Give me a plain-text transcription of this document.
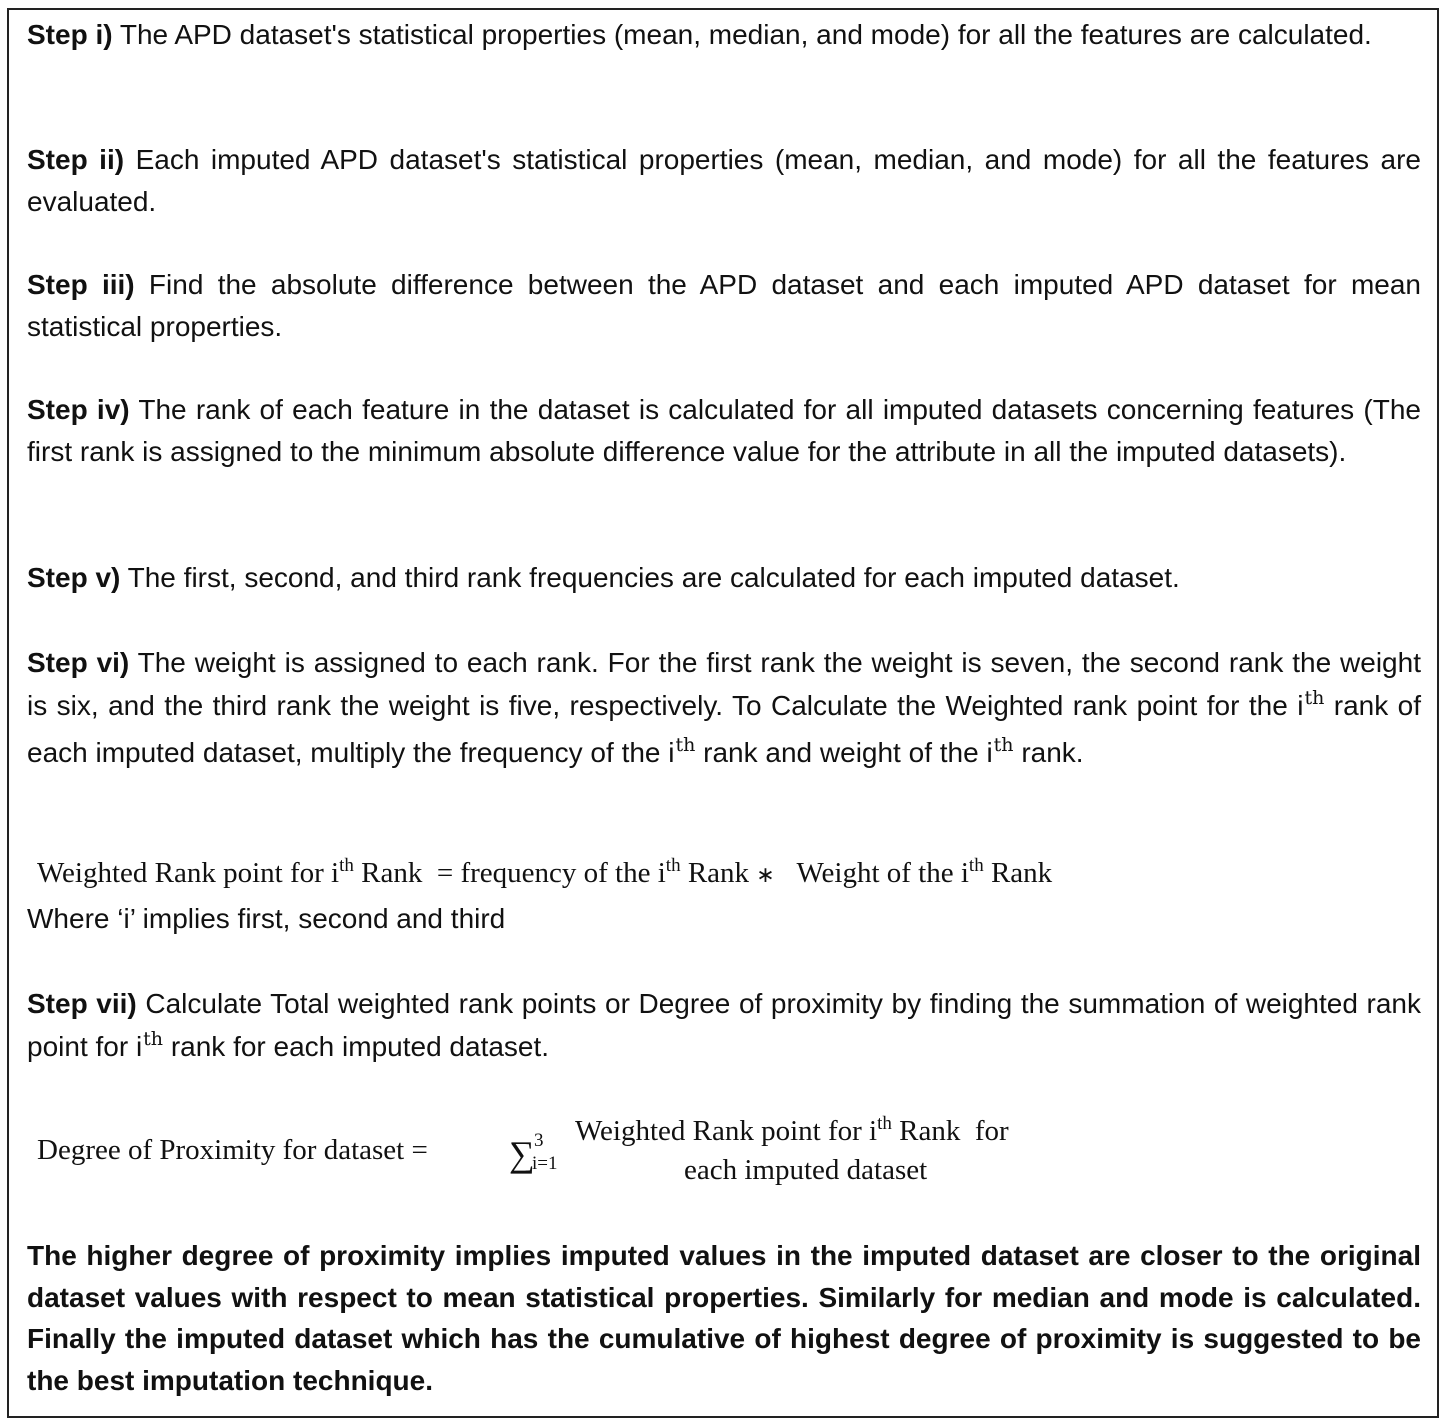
Step i) The APD dataset's statistical properties (mean, median, and mode) for all the features are calculated.

Step ii) Each imputed APD dataset's statistical properties (mean, median, and mode) for all the features are evaluated.

Step iii) Find the absolute difference between the APD dataset and each imputed APD dataset for mean statistical properties.

Step iv) The rank of each feature in the dataset is calculated for all imputed datasets concerning features (The first rank is assigned to the minimum absolute difference value for the attribute in all the imputed datasets).

Step v) The first, second, and third rank frequencies are calculated for each imputed dataset.

Step vi) The weight is assigned to each rank. For the first rank the weight is seven, the second rank the weight is six, and the third rank the weight is five, respectively. To Calculate the Weighted rank point for the $i^{th}$ rank of each imputed dataset, multiply the frequency of the $i^{th}$ rank and weight of the $i^{th}$ rank.

Weighted Rank point for $i^{th}$ Rank = frequency of the $i^{th}$ Rank ∗ Weight of the $i^{th}$ Rank
Where ‘i’ implies first, second and third

Step vii) Calculate Total weighted rank points or Degree of proximity by finding the summation of weighted rank point for $i^{th}$ rank for each imputed dataset.

Degree of Proximity for dataset = ∑ 3
i=1
Weighted Rank point for $i^{th}$ Rank  for
each imputed dataset

The higher degree of proximity implies imputed values in the imputed dataset are closer to the original dataset values with respect to mean statistical properties. Similarly for median and mode is calculated. Finally the imputed dataset which has the cumulative of highest degree of proximity is suggested to be the best imputation technique.
